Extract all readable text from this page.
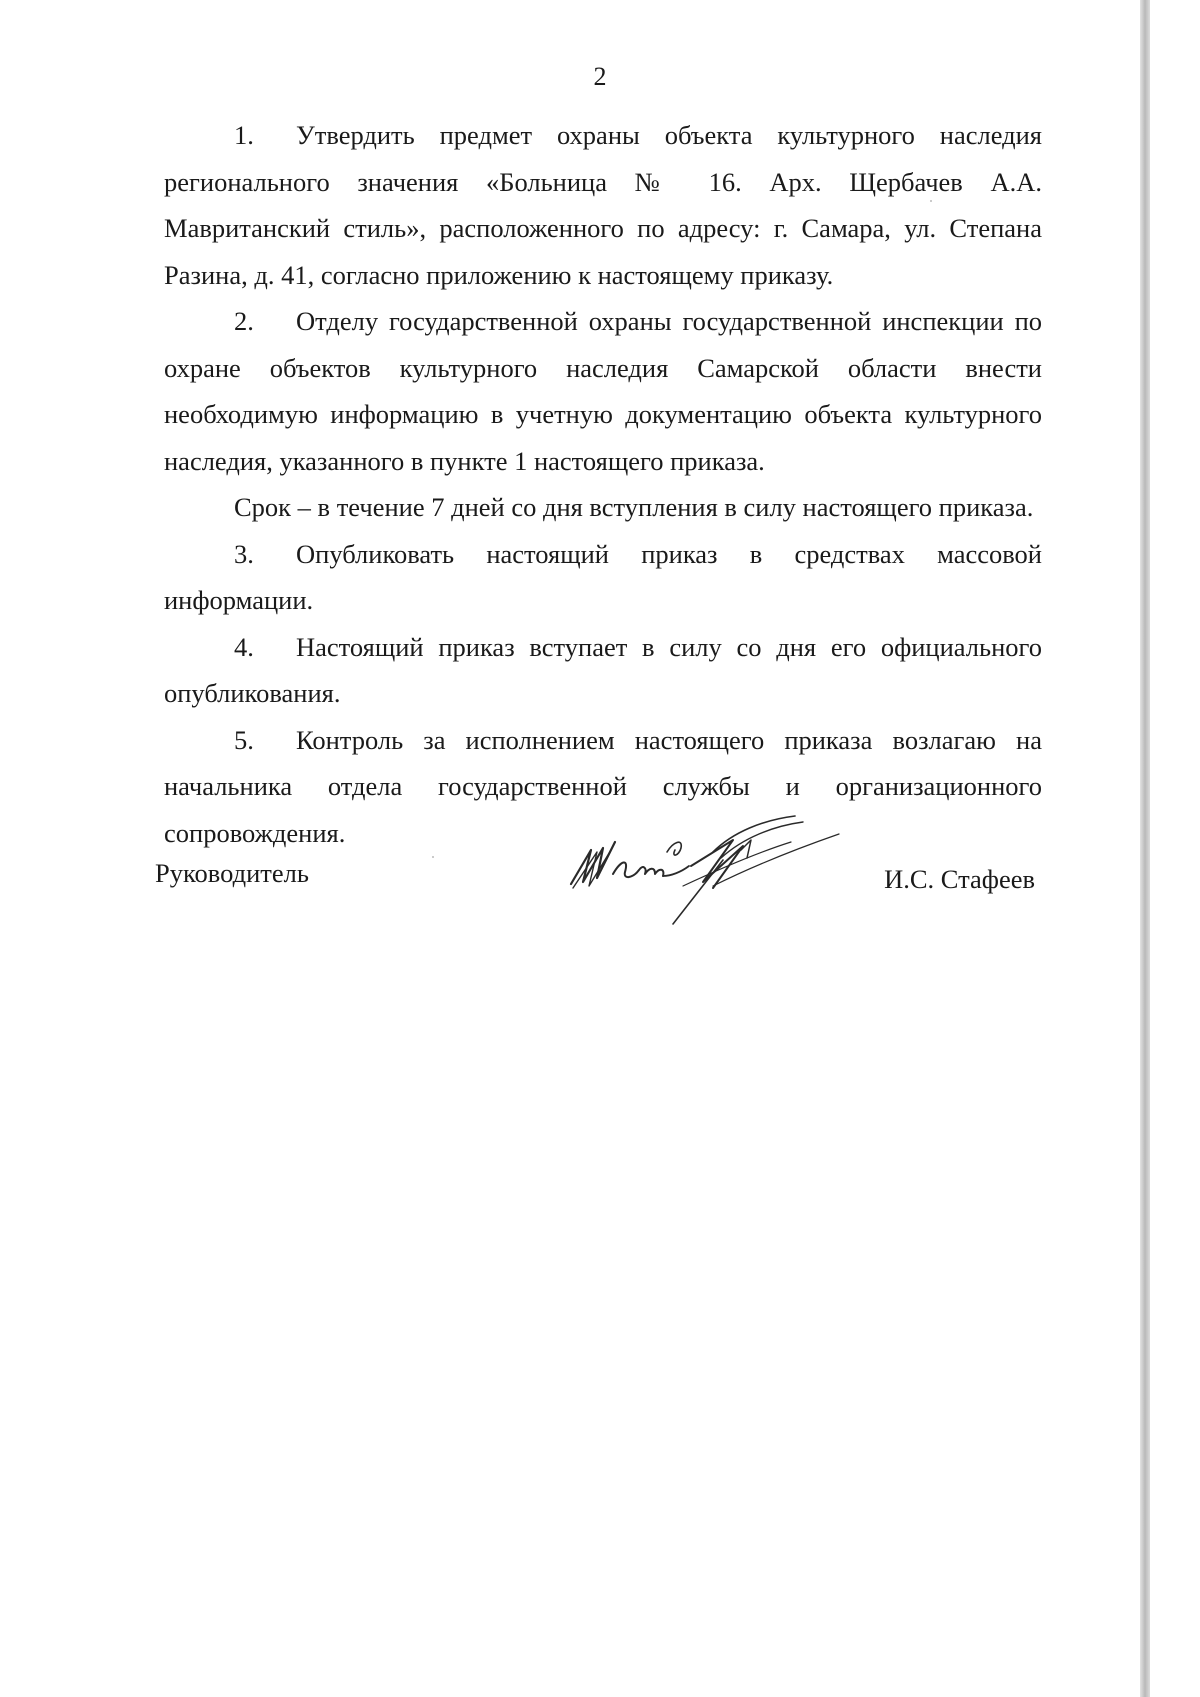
2

1. Утвердить предмет охраны объекта культурного наследия регионального значения «Больница № 16. Арх. Щербачев А.А. Мавританский стиль», расположенного по адресу: г. Самара, ул. Степана Разина, д. 41, согласно приложению к настоящему приказу.

2. Отделу государственной охраны государственной инспекции по охране объектов культурного наследия Самарской области внести необходимую информацию в учетную документацию объекта культурного наследия, указанного в пункте 1 настоящего приказа.

Срок – в течение 7 дней со дня вступления в силу настоящего приказа.

3. Опубликовать настоящий приказ в средствах массовой информации.

4. Настоящий приказ вступает в силу со дня его официального опубликования.

5. Контроль за исполнением настоящего приказа возлагаю на начальника отдела государственной службы и организационного сопровождения.

Руководитель	И.С. Стафеев
